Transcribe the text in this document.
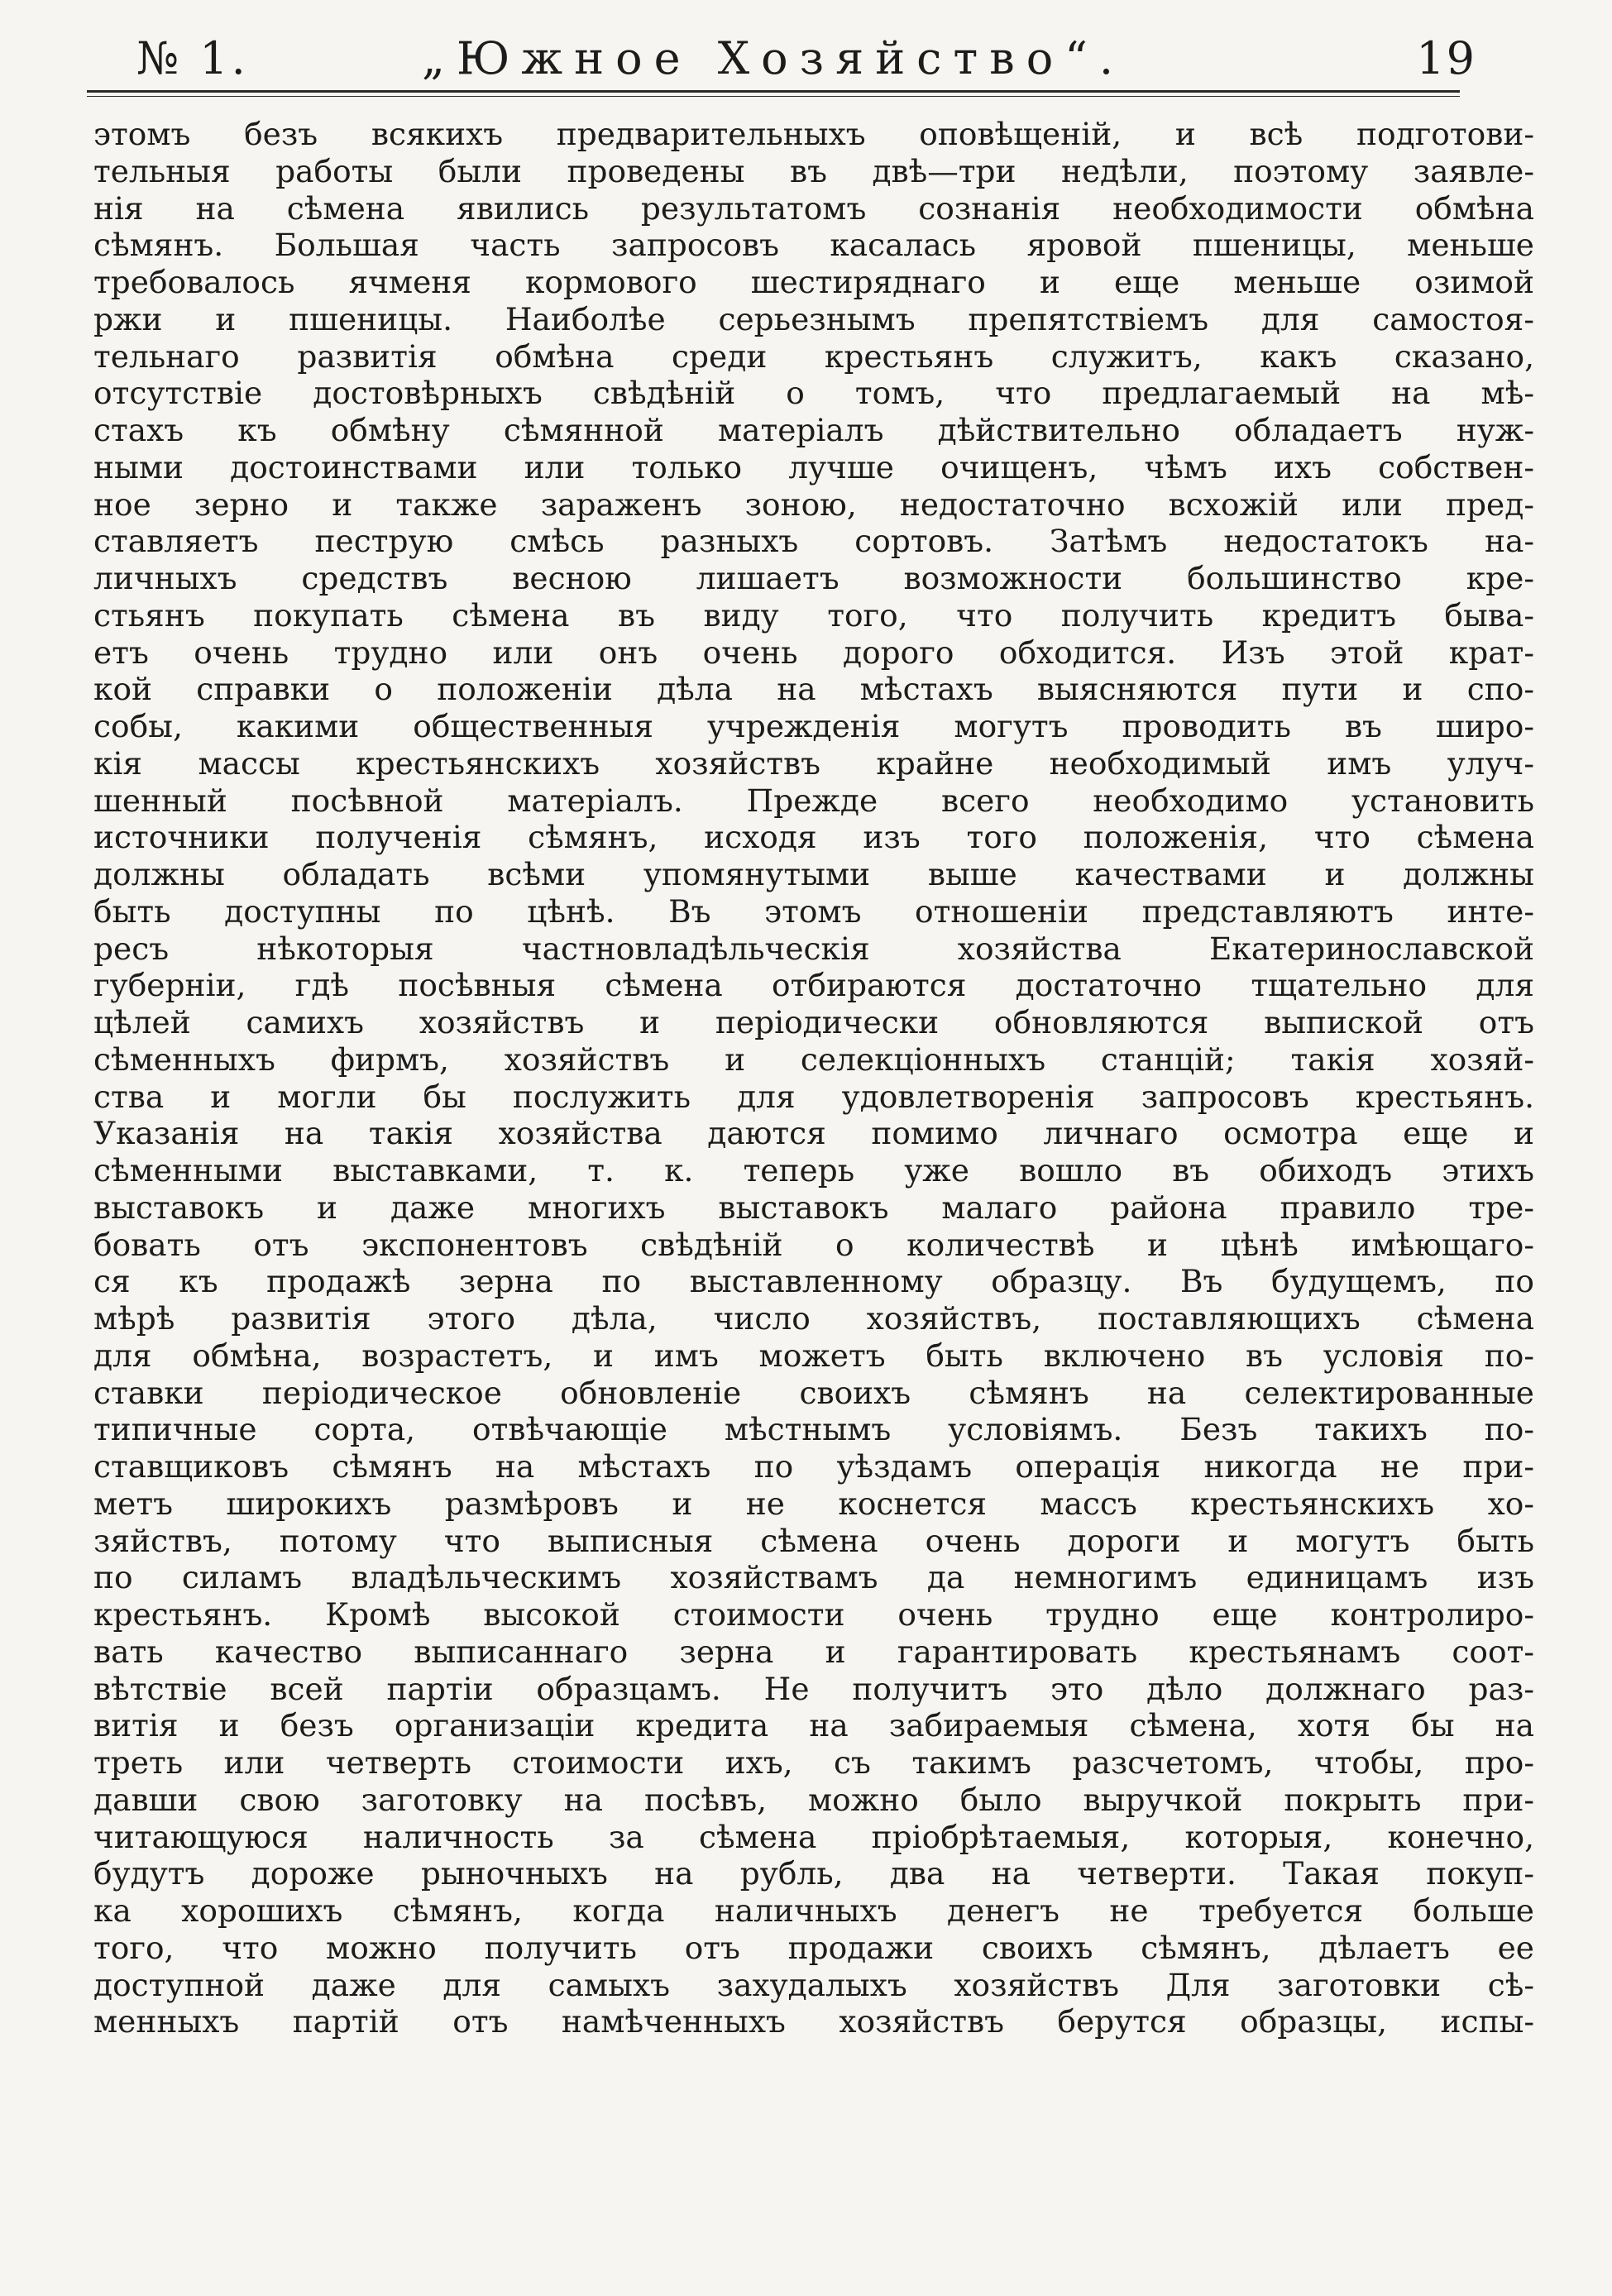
№ 1.	„Южное Хозяйство“.	19
этомъ безъ всякихъ предварительныхъ оповѣщеній, и всѣ подготови-
тельныя работы были проведены въ двѣ—три недѣли, поэтому заявле-
нія на сѣмена явились результатомъ сознанія необходимости обмѣна
сѣмянъ. Большая часть запросовъ касалась яровой пшеницы, меньше
требовалось ячменя кормового шестиряднаго и еще меньше озимой
ржи и пшеницы. Наиболѣе серьезнымъ препятствіемъ для самостоя-
тельнаго развитія обмѣна среди крестьянъ служитъ, какъ сказано,
отсутствіе достовѣрныхъ свѣдѣній о томъ, что предлагаемый на мѣ-
стахъ къ обмѣну сѣмянной матеріалъ дѣйствительно обладаетъ нуж-
ными достоинствами или только лучше очищенъ, чѣмъ ихъ собствен-
ное зерно и также зараженъ зоною, недостаточно всхожій или пред-
ставляетъ пеструю смѣсь разныхъ сортовъ. Затѣмъ недостатокъ на-
личныхъ средствъ весною лишаетъ возможности большинство кре-
стьянъ покупать сѣмена въ виду того, что получить кредитъ быва-
етъ очень трудно или онъ очень дорого обходится. Изъ этой крат-
кой справки о положеніи дѣла на мѣстахъ выясняются пути и спо-
собы, какими общественныя учрежденія могутъ проводить въ широ-
кія массы крестьянскихъ хозяйствъ крайне необходимый имъ улуч-
шенный посѣвной матеріалъ. Прежде всего необходимо установить
источники полученія сѣмянъ, исходя изъ того положенія, что сѣмена
должны обладать всѣми упомянутыми выше качествами и должны
быть доступны по цѣнѣ. Въ этомъ отношеніи представляютъ инте-
ресъ нѣкоторыя частновладѣльческія хозяйства Екатеринославской
губерніи, гдѣ посѣвныя сѣмена отбираются достаточно тщательно для
цѣлей самихъ хозяйствъ и періодически обновляются выпиской отъ
сѣменныхъ фирмъ, хозяйствъ и селекціонныхъ станцій; такія хозяй-
ства и могли бы послужить для удовлетворенія запросовъ крестьянъ.
Указанія на такія хозяйства даются помимо личнаго осмотра еще и
сѣменными выставками, т. к. теперь уже вошло въ обиходъ этихъ
выставокъ и даже многихъ выставокъ малаго района правило тре-
бовать отъ экспонентовъ свѣдѣній о количествѣ и цѣнѣ имѣющаго-
ся къ продажѣ зерна по выставленному образцу. Въ будущемъ, по
мѣрѣ развитія этого дѣла, число хозяйствъ, поставляющихъ сѣмена
для обмѣна, возрастетъ, и имъ можетъ быть включено въ условія по-
ставки періодическое обновленіе своихъ сѣмянъ на селектированные
типичные сорта, отвѣчающіе мѣстнымъ условіямъ. Безъ такихъ по-
ставщиковъ сѣмянъ на мѣстахъ по уѣздамъ операція никогда не при-
метъ широкихъ размѣровъ и не коснется массъ крестьянскихъ хо-
зяйствъ, потому что выписныя сѣмена очень дороги и могутъ быть
по силамъ владѣльческимъ хозяйствамъ да немногимъ единицамъ изъ
крестьянъ. Кромѣ высокой стоимости очень трудно еще контролиро-
вать качество выписаннаго зерна и гарантировать крестьянамъ соот-
вѣтствіе всей партіи образцамъ. Не получитъ это дѣло должнаго раз-
витія и безъ организаціи кредита на забираемыя сѣмена, хотя бы на
треть или четверть стоимости ихъ, съ такимъ разсчетомъ, чтобы, про-
давши свою заготовку на посѣвъ, можно было выручкой покрыть при-
читающуюся наличность за сѣмена пріобрѣтаемыя, которыя, конечно,
будутъ дороже рыночныхъ на рубль, два на четверти. Такая покуп-
ка хорошихъ сѣмянъ, когда наличныхъ денегъ не требуется больше
того, что можно получить отъ продажи своихъ сѣмянъ, дѣлаетъ ее
доступной даже для самыхъ захудалыхъ хозяйствъ Для заготовки сѣ-
менныхъ партій отъ намѣченныхъ хозяйствъ берутся образцы, испы-
